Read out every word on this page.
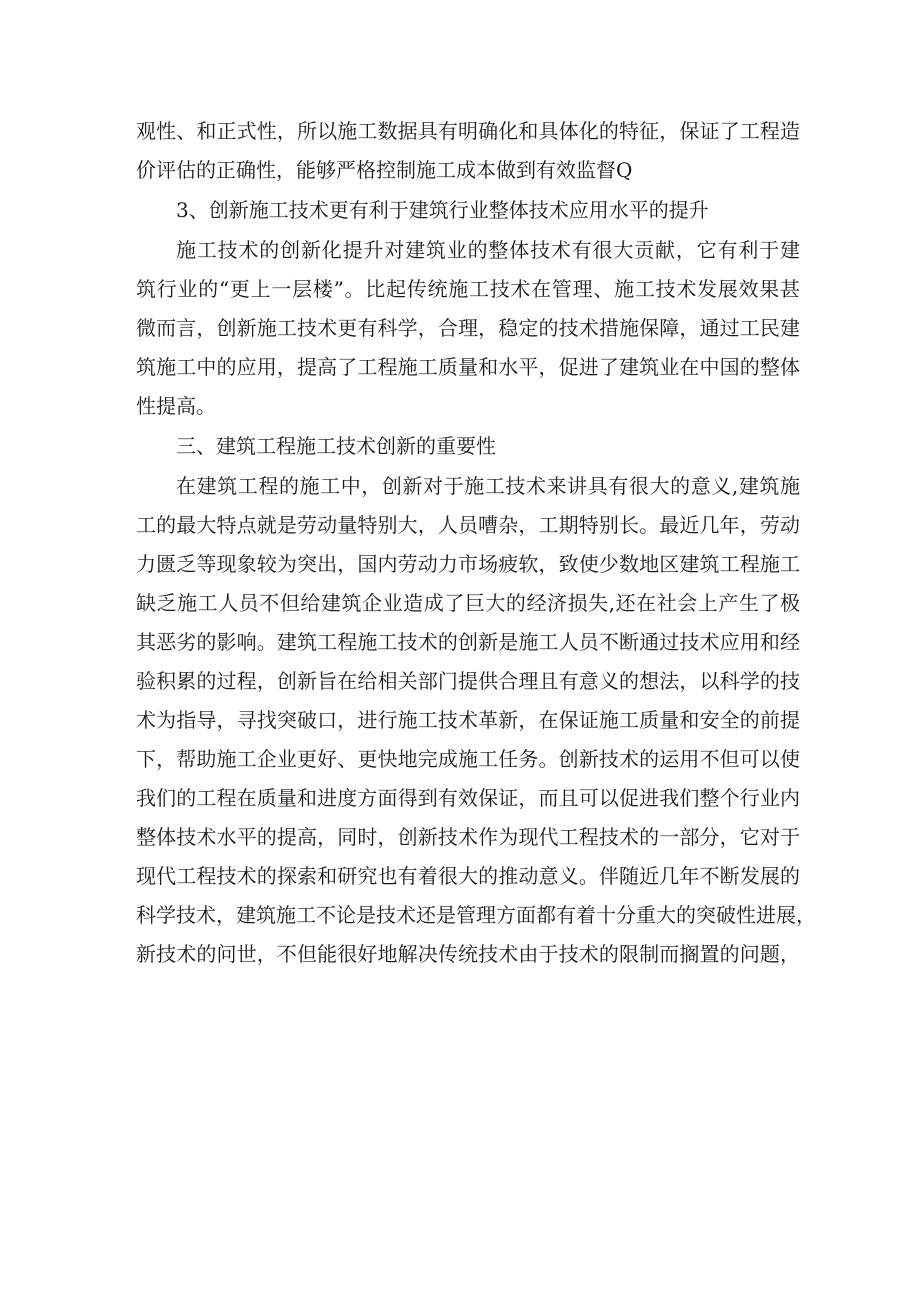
观性、和正式性，所以施工数据具有明确化和具体化的特征，保证了工程造
价评估的正确性，能够严格控制施工成本做到有效监督Q
3、创新施工技术更有利于建筑行业整体技术应用水平的提升
施工技术的创新化提升对建筑业的整体技术有很大贡献，它有利于建
筑行业的“更上一层楼”。比起传统施工技术在管理、施工技术发展效果甚
微而言，创新施工技术更有科学，合理，稳定的技术措施保障，通过工民建
筑施工中的应用，提高了工程施工质量和水平，促进了建筑业在中国的整体
性提高。
三、建筑工程施工技术创新的重要性
在建筑工程的施工中，创新对于施工技术来讲具有很大的意义,建筑施
工的最大特点就是劳动量特别大，人员嘈杂，工期特别长。最近几年，劳动
力匮乏等现象较为突出，国内劳动力市场疲软，致使少数地区建筑工程施工
缺乏施工人员不但给建筑企业造成了巨大的经济损失,还在社会上产生了极
其恶劣的影响。建筑工程施工技术的创新是施工人员不断通过技术应用和经
验积累的过程，创新旨在给相关部门提供合理且有意义的想法，以科学的技
术为指导，寻找突破口，进行施工技术革新，在保证施工质量和安全的前提
下，帮助施工企业更好、更快地完成施工任务。创新技术的运用不但可以使
我们的工程在质量和进度方面得到有效保证，而且可以促进我们整个行业内
整体技术水平的提高，同时，创新技术作为现代工程技术的一部分，它对于
现代工程技术的探索和研究也有着很大的推动意义。伴随近几年不断发展的
科学技术，建筑施工不论是技术还是管理方面都有着十分重大的突破性进展，
新技术的问世，不但能很好地解决传统技术由于技术的限制而搁置的问题，
